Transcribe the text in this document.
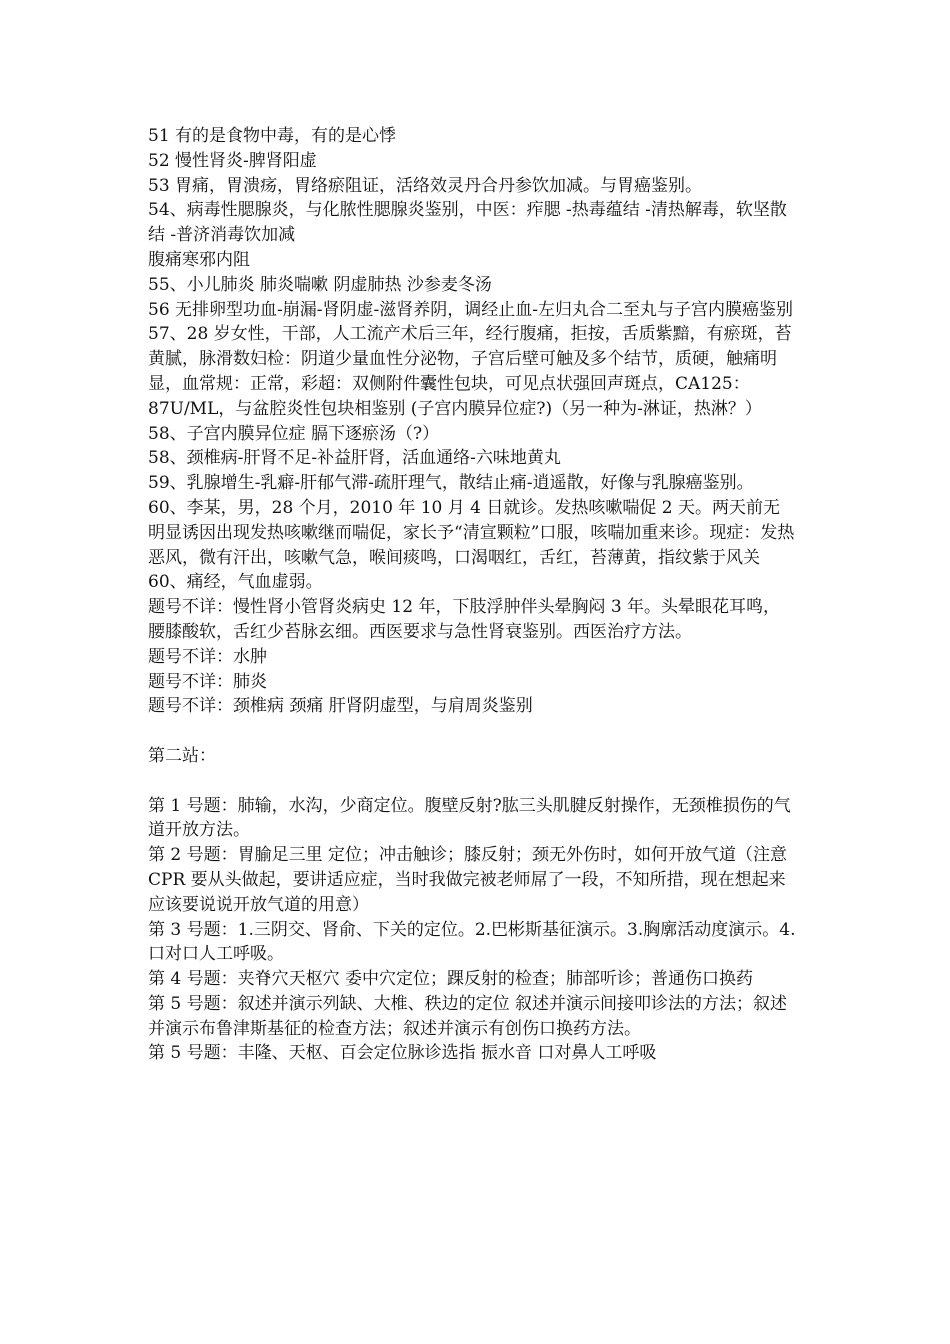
51 有的是食物中毒，有的是心悸

52 慢性肾炎-脾肾阳虚

53 胃痛，胃溃疡，胃络瘀阻证，活络效灵丹合丹参饮加减。与胃癌鉴别。

54、病毒性腮腺炎，与化脓性腮腺炎鉴别，中医：痄腮 -热毒蕴结 -清热解毒，软坚散结 -普济消毒饮加减

腹痛寒邪内阻

55、小儿肺炎 肺炎喘嗽 阴虚肺热 沙参麦冬汤

56 无排卵型功血-崩漏-肾阴虚-滋肾养阴，调经止血-左归丸合二至丸与子宫内膜癌鉴别

57、28 岁女性，干部，人工流产术后三年，经行腹痛，拒按，舌质紫黯，有瘀斑，苔黄腻，脉滑数妇检：阴道少量血性分泌物，子宫后壁可触及多个结节，质硬，触痛明显，血常规：正常，彩超：双侧附件囊性包块，可见点状强回声斑点，CA125：87U/ML，与盆腔炎性包块相鉴别 (子宫内膜异位症?)（另一种为-淋证，热淋？）

58、子宫内膜异位症 膈下逐瘀汤（?）

58、颈椎病-肝肾不足-补益肝肾，活血通络-六味地黄丸

59、乳腺增生-乳癖-肝郁气滞-疏肝理气，散结止痛-逍遥散，好像与乳腺癌鉴别。

60、李某，男，28 个月，2010 年 10 月 4 日就诊。发热咳嗽喘促 2 天。两天前无明显诱因出现发热咳嗽继而喘促，家长予“清宣颗粒”口服，咳喘加重来诊。现症：发热恶风，微有汗出，咳嗽气急，喉间痰鸣，口渴咽红，舌红，苔薄黄，指纹紫于风关

60、痛经，气血虚弱。

题号不详：慢性肾小管肾炎病史 12 年，下肢浮肿伴头晕胸闷 3 年。头晕眼花耳鸣，腰膝酸软，舌红少苔脉玄细。西医要求与急性肾衰鉴别。西医治疗方法。

题号不详：水肿

题号不详：肺炎

题号不详：颈椎病 颈痛 肝肾阴虚型，与肩周炎鉴别

第二站：

第 1 号题：肺输，水沟，少商定位。腹壁反射?肱三头肌腱反射操作，无颈椎损伤的气道开放方法。

第 2 号题：胃腧足三里 定位；冲击触诊；膝反射；颈无外伤时，如何开放气道（注意 CPR 要从头做起，要讲适应症，当时我做完被老师屌了一段，不知所措，现在想起来应该要说说开放气道的用意）

第 3 号题：1.三阴交、肾俞、下关的定位。2.巴彬斯基征演示。3.胸廓活动度演示。4.口对口人工呼吸。

第 4 号题：夹脊穴天枢穴 委中穴定位；踝反射的检查；肺部听诊；普通伤口换药

第 5 号题：叙述并演示列缺、大椎、秩边的定位 叙述并演示间接叩诊法的方法；叙述并演示布鲁津斯基征的检查方法；叙述并演示有创伤口换药方法。

第 5 号题：丰隆、天枢、百会定位脉诊选指 振水音 口对鼻人工呼吸
